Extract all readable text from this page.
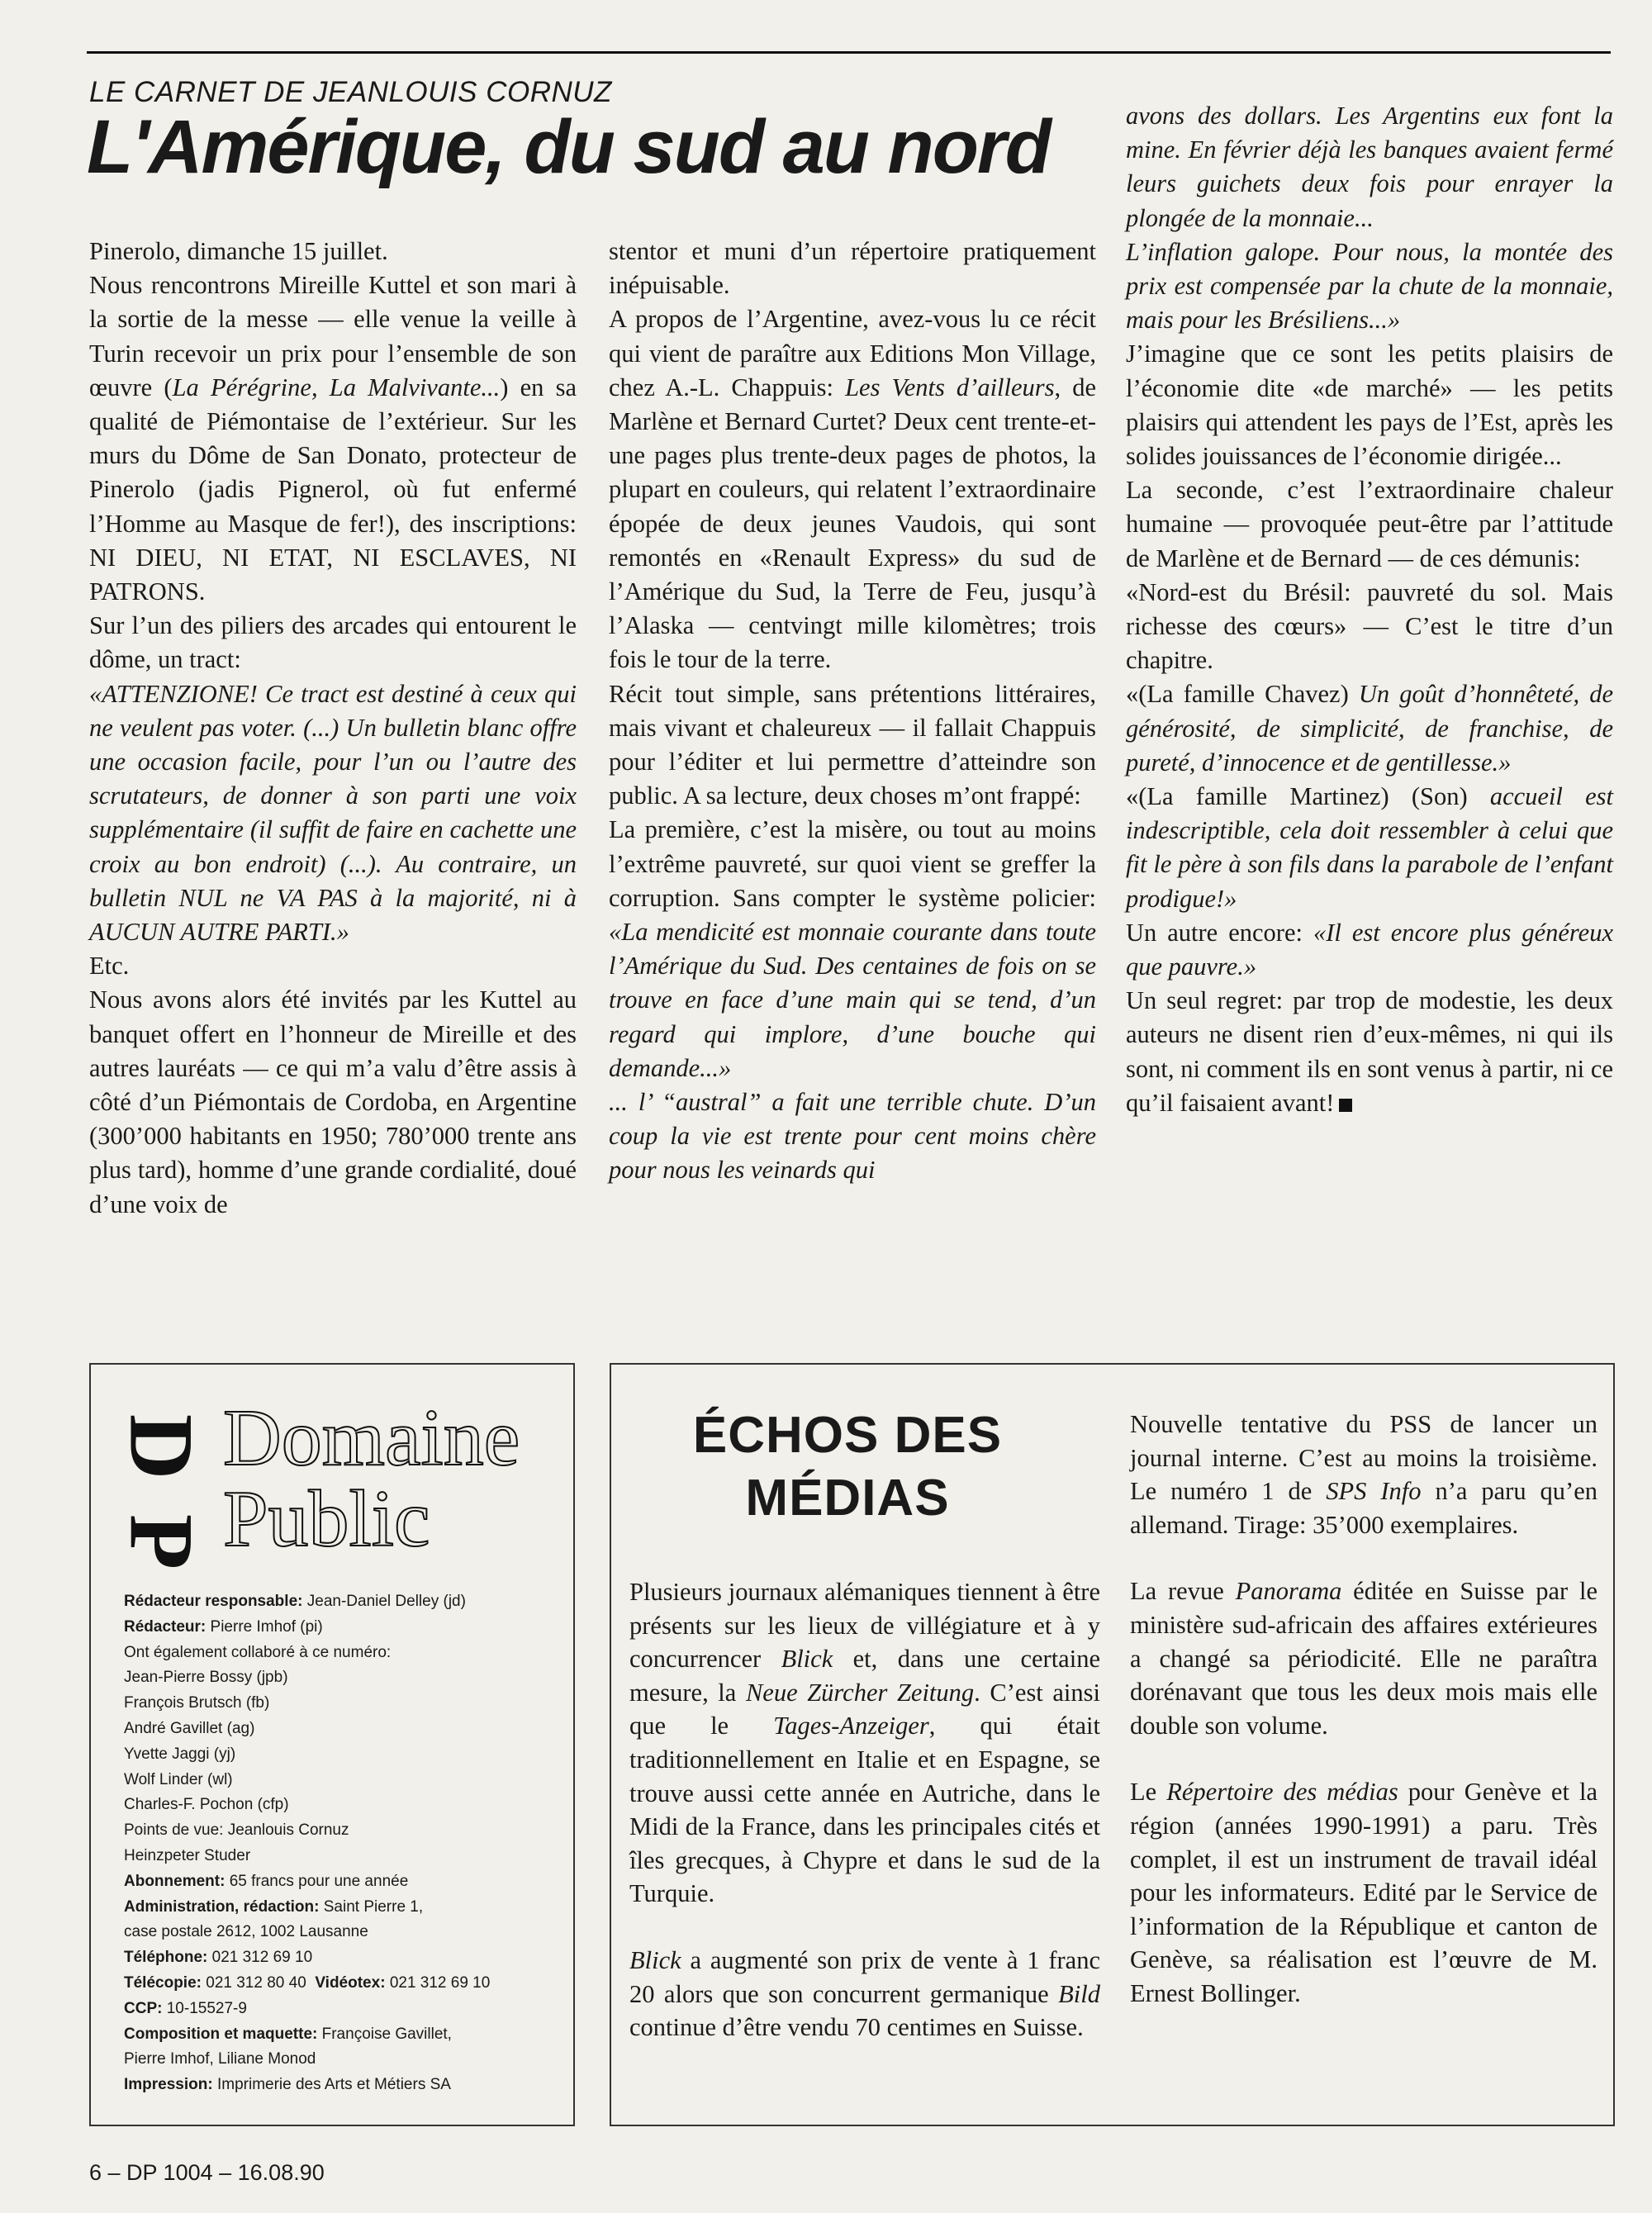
LE CARNET DE JEANLOUIS CORNUZ
L'Amérique, du sud au nord

Pinerolo, dimanche 15 juillet.

Nous rencontrons Mireille Kuttel et son mari à la sortie de la messe — elle venue la veille à Turin recevoir un prix pour l’ensemble de son œuvre (La Pérégrine, La Malvivante...) en sa qualité de Piémontaise de l’extérieur. Sur les murs du Dôme de San Donato, protecteur de Pinerolo (jadis Pignerol, où fut enfermé l’Homme au Masque de fer!), des inscriptions: NI DIEU, NI ETAT, NI ESCLAVES, NI PATRONS.

Sur l’un des piliers des arcades qui entourent le dôme, un tract:

«ATTENZIONE! Ce tract est destiné à ceux qui ne veulent pas voter. (...) Un bulletin blanc offre une occasion facile, pour l’un ou l’autre des scrutateurs, de donner à son parti une voix supplémentaire (il suffit de faire en cachette une croix au bon endroit) (...). Au contraire, un bulletin NUL ne VA PAS à la majorité, ni à AUCUN AUTRE PARTI.»

Etc.

Nous avons alors été invités par les Kuttel au banquet offert en l’honneur de Mireille et des autres lauréats — ce qui m’a valu d’être assis à côté d’un Piémontais de Cordoba, en Argentine (300’000 habitants en 1950; 780’000 trente ans plus tard), homme d’une grande cordialité, doué d’une voix de

stentor et muni d’un répertoire pratiquement inépuisable.

A propos de l’Argentine, avez-vous lu ce récit qui vient de paraître aux Editions Mon Village, chez A.-L. Chappuis: Les Vents d’ailleurs, de Marlène et Bernard Curtet? Deux cent trente-et-une pages plus trente-deux pages de photos, la plupart en couleurs, qui relatent l’extraordinaire épopée de deux jeunes Vaudois, qui sont remontés en «Renault Express» du sud de l’Amérique du Sud, la Terre de Feu, jusqu’à l’Alaska — centvingt mille kilomètres; trois fois le tour de la terre.

Récit tout simple, sans prétentions littéraires, mais vivant et chaleureux — il fallait Chappuis pour l’éditer et lui permettre d’atteindre son public. A sa lecture, deux choses m’ont frappé:

La première, c’est la misère, ou tout au moins l’extrême pauvreté, sur quoi vient se greffer la corruption. Sans compter le système policier: «La mendicité est monnaie courante dans toute l’Amérique du Sud. Des centaines de fois on se trouve en face d’une main qui se tend, d’un regard qui implore, d’une bouche qui demande...»

... l’ “austral” a fait une terrible chute. D’un coup la vie est trente pour cent moins chère pour nous les veinards qui

avons des dollars. Les Argentins eux font la mine. En février déjà les banques avaient fermé leurs guichets deux fois pour enrayer la plongée de la monnaie...

L’inflation galope. Pour nous, la montée des prix est compensée par la chute de la monnaie, mais pour les Brésiliens...»

J’imagine que ce sont les petits plaisirs de l’économie dite «de marché» — les petits plaisirs qui attendent les pays de l’Est, après les solides jouissances de l’économie dirigée...

La seconde, c’est l’extraordinaire chaleur humaine — provoquée peut-être par l’attitude de Marlène et de Bernard — de ces démunis:

«Nord-est du Brésil: pauvreté du sol. Mais richesse des cœurs» — C’est le titre d’un chapitre.

«(La famille Chavez) Un goût d’honnêteté, de générosité, de simplicité, de franchise, de pureté, d’innocence et de gentillesse.»

«(La famille Martinez) (Son) accueil est indescriptible, cela doit ressembler à celui que fit le père à son fils dans la parabole de l’enfant prodigue!»

Un autre encore: «Il est encore plus généreux que pauvre.»

Un seul regret: par trop de modestie, les deux auteurs ne disent rien d’eux-mêmes, ni qui ils sont, ni comment ils en sont venus à partir, ni ce qu’il faisaient avant!

D
P
Domaine
Public
Rédacteur responsable: Jean-Daniel Delley (jd)
Rédacteur: Pierre Imhof (pi)
Ont également collaboré à ce numéro:
Jean-Pierre Bossy (jpb)
François Brutsch (fb)
André Gavillet (ag)
Yvette Jaggi (yj)
Wolf Linder (wl)
Charles-F. Pochon (cfp)
Points de vue: Jeanlouis Cornuz
Heinzpeter Studer
Abonnement: 65 francs pour une année
Administration, rédaction: Saint Pierre 1,
case postale 2612, 1002 Lausanne
Téléphone: 021 312 69 10
Télécopie: 021 312 80 40 Vidéotex: 021 312 69 10
CCP: 10-15527-9
Composition et maquette: Françoise Gavillet,
Pierre Imhof, Liliane Monod
Impression: Imprimerie des Arts et Métiers SA
ÉCHOS DES
MÉDIAS

Plusieurs journaux alémaniques tiennent à être présents sur les lieux de villégiature et à y concurrencer Blick et, dans une certaine mesure, la Neue Zürcher Zeitung. C’est ainsi que le Tages-Anzeiger, qui était traditionnellement en Italie et en Espagne, se trouve aussi cette année en Autriche, dans le Midi de la France, dans les principales cités et îles grecques, à Chypre et dans le sud de la Turquie.

Blick a augmenté son prix de vente à 1 franc 20 alors que son concurrent germanique Bild continue d’être vendu 70 centimes en Suisse.

Nouvelle tentative du PSS de lancer un journal interne. C’est au moins la troisième. Le numéro 1 de SPS Info n’a paru qu’en allemand. Tirage: 35’000 exemplaires.

La revue Panorama éditée en Suisse par le ministère sud-africain des affaires extérieures a changé sa périodicité. Elle ne paraîtra dorénavant que tous les deux mois mais elle double son volume.

Le Répertoire des médias pour Genève et la région (années 1990-1991) a paru. Très complet, il est un instrument de travail idéal pour les informateurs. Edité par le Service de l’information de la République et canton de Genève, sa réalisation est l’œuvre de M. Ernest Bollinger.

6 – DP 1004 – 16.08.90
